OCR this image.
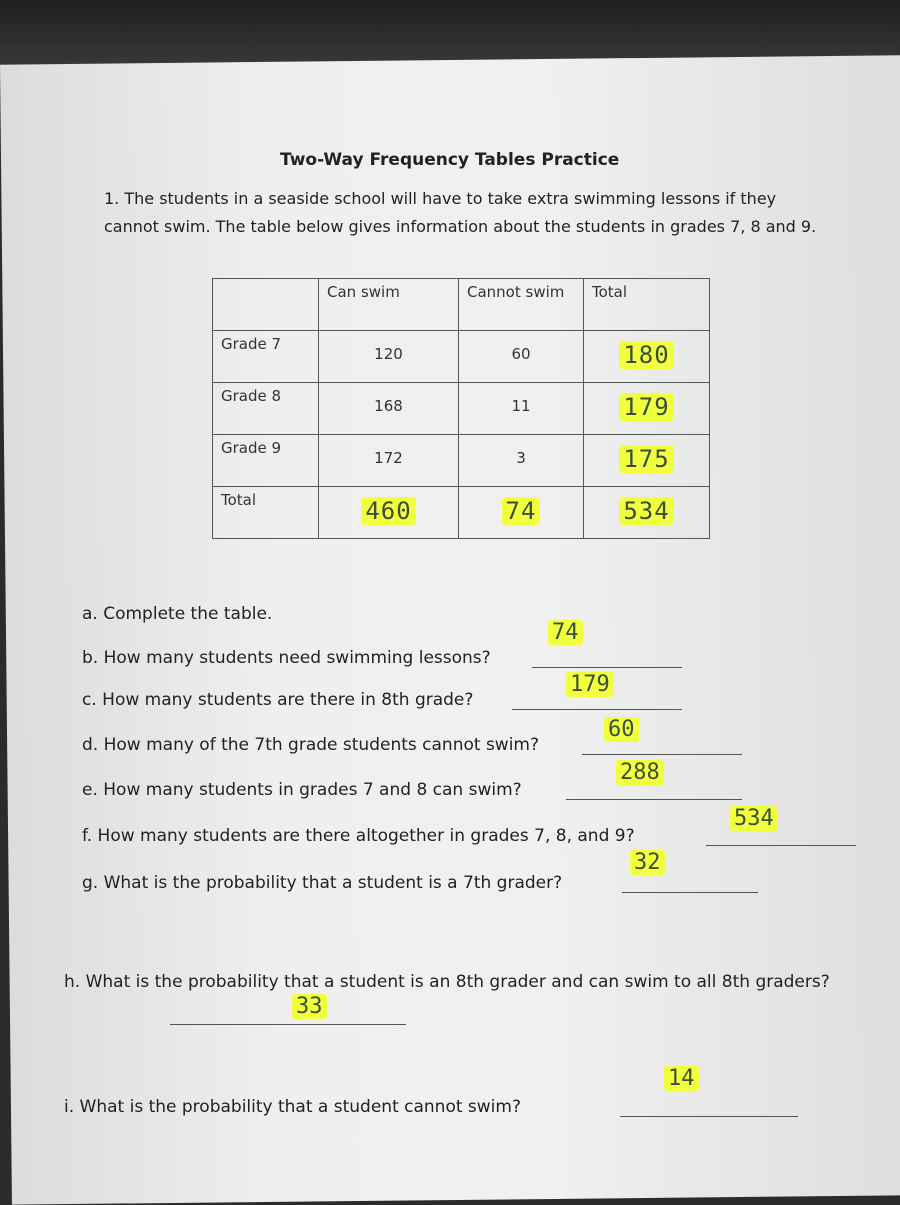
Two-Way Frequency Tables Practice
1. The students in a seaside school will have to take extra swimming lessons if they cannot swim. The table below gives information about the students in grades 7, 8 and 9.
	Can swim	Cannot swim	Total
Grade 7	120	60	180
Grade 8	168	11	179
Grade 9	172	3	175
Total	460	74	534
a. Complete the table.
b. How many students need swimming lessons?
74
c. How many students are there in 8th grade?
179
d. How many of the 7th grade students cannot swim?
60
e. How many students in grades 7 and 8 can swim?
288
f. How many students are there altogether in grades 7, 8, and 9?
534
g. What is the probability that a student is a 7th grader?
32
h. What is the probability that a student is an 8th grader and can swim to all 8th graders?
33
i. What is the probability that a student cannot swim?
14
